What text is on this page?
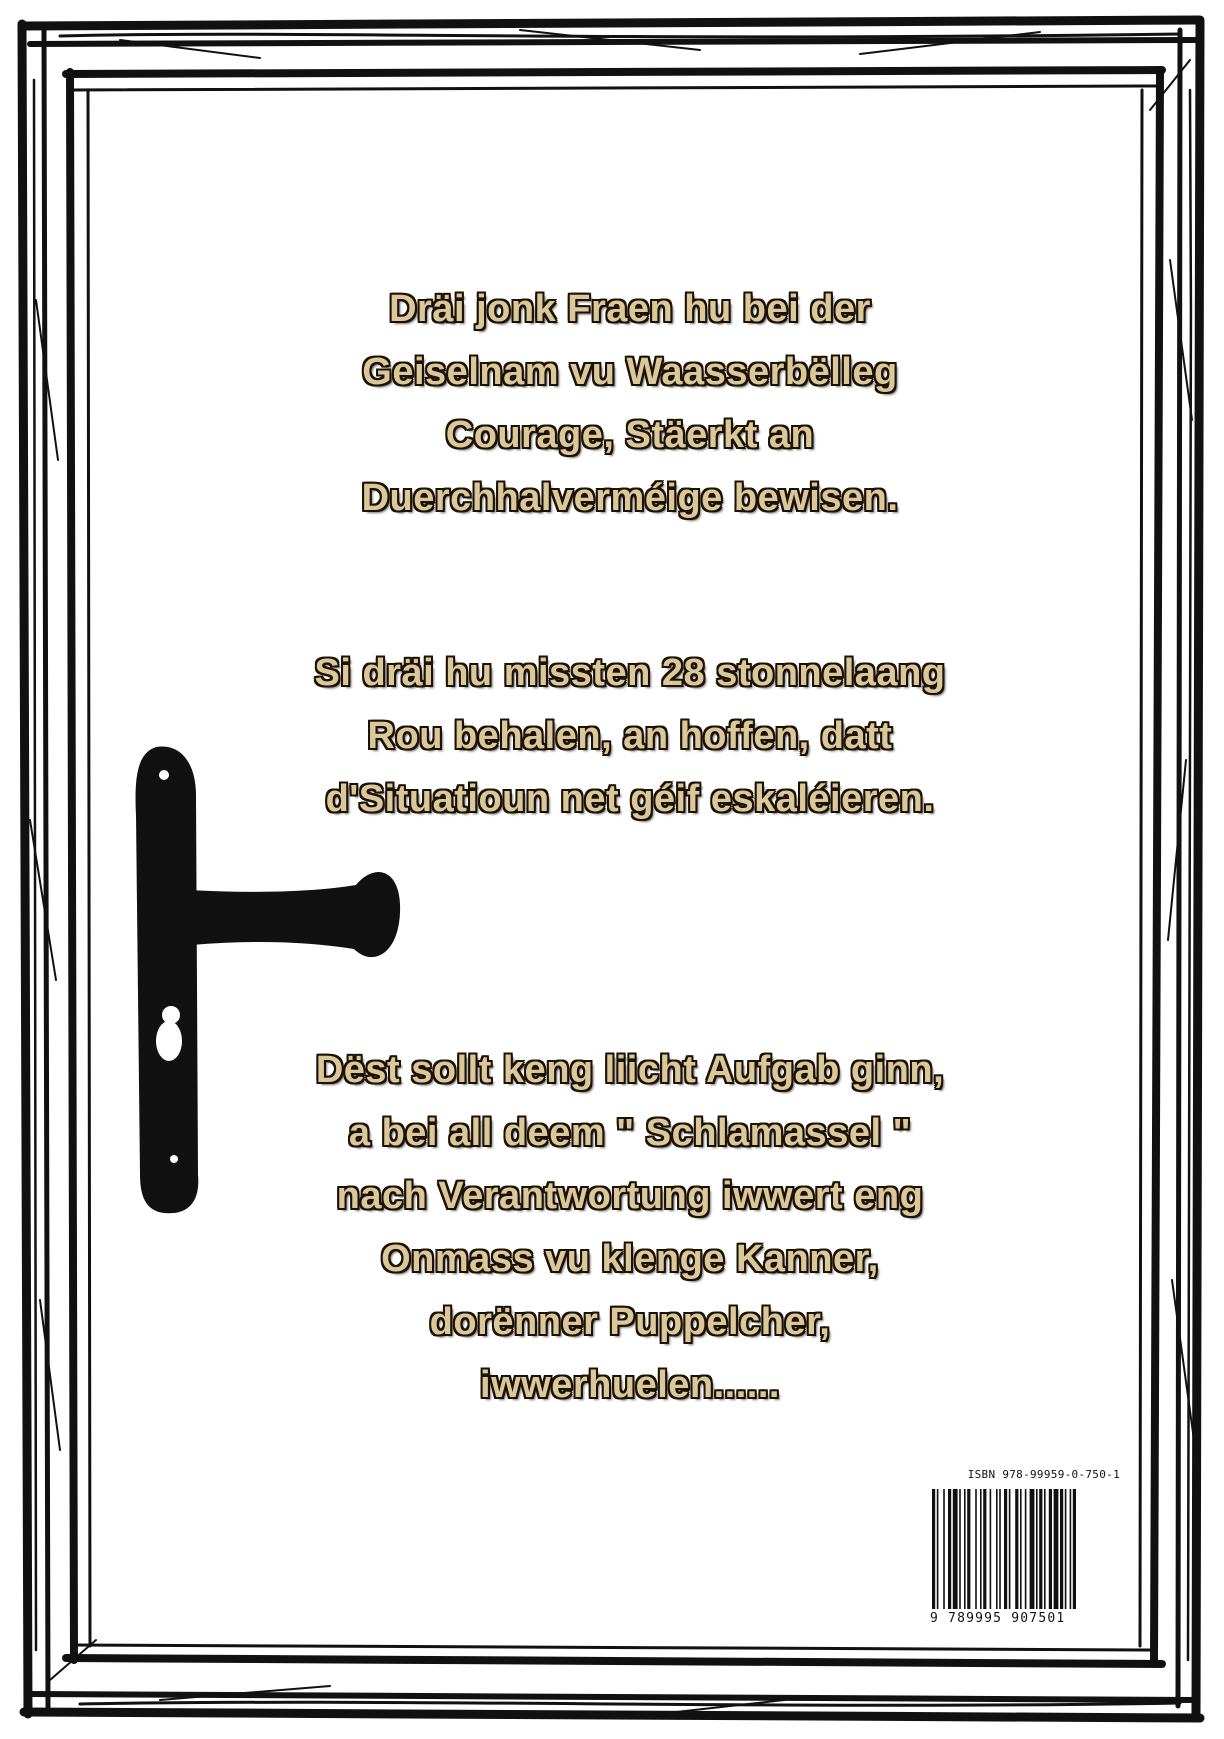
Dräi jonk Fraen hu bei der
Geiselnam vu Waasserbëlleg
Courage, Stäerkt an
Duerchhalverméige bewisen.
Si dräi hu missten 28 stonnelaang
Rou behalen, an hoffen, datt
d'Situatioun net géif eskaléieren.
Dëst sollt keng liicht Aufgab ginn,
a bei all deem " Schlamassel "
nach Verantwortung iwwert eng
Onmass vu klenge Kanner,
dorënner Puppelcher,
iwwerhuelen......
ISBN 978-99959-0-750-1
9 789995 907501
